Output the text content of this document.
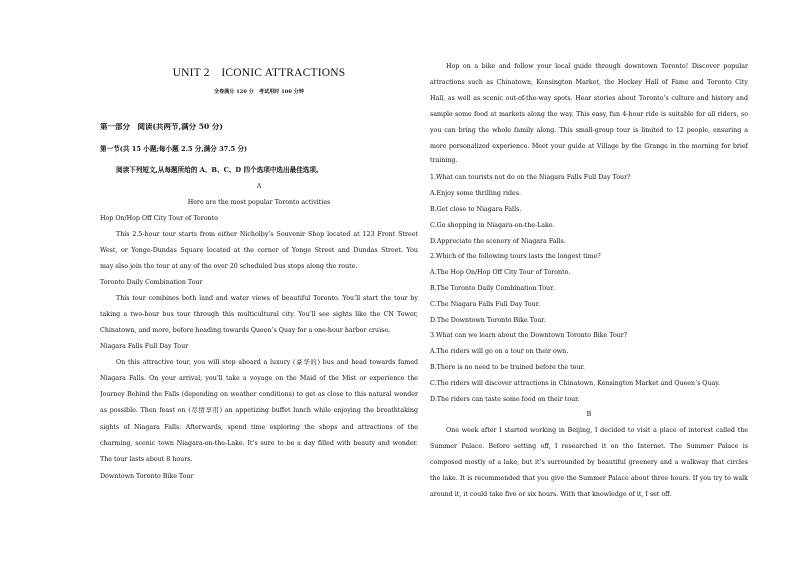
UNIT 2　ICONIC ATTRACTIONS
全卷满分 120 分　考试用时 100 分钟
第一部分　阅读(共两节,满分 50 分)
第一节(共 15 小题;每小题 2.5 分,满分 37.5 分)
阅读下列短文,从每题所给的 A、B、C、D 四个选项中选出最佳选项。
A
Here are the most popular Toronto activities
Hop On/Hop Off City Tour of Toronto
This 2.5-hour tour starts from either Nicholby’s Souvenir Shop located at 123 Front Street
West, or Yonge-Dundas Square located at the corner of Yonge Street and Dundas Street. You
may also join the tour at any of the over 20 scheduled bus stops along the route.
Toronto Daily Combination Tour
This tour combines both land and water views of beautiful Toronto. You’ll start the tour by
taking a two-hour bus tour through this multicultural city. You’ll see sights like the CN Tower,
Chinatown, and more, before heading towards Queen’s Quay for a one-hour harbor cruise.
Niagara Falls Full Day Tour
On this attractive tour, you will step aboard a luxury (豪华的) bus and head towards famed
Niagara Falls. On your arrival, you’ll take a voyage on the Maid of the Mist or experience the
Journey Behind the Falls (depending on weather conditions) to get as close to this natural wonder
as possible. Then feast on (尽情享用) an appetizing buffet lunch while enjoying the breathtaking
sights of Niagara Falls. Afterwards, spend time exploring the shops and attractions of the
charming, scenic town Niagara-on-the-Lake. It’s sure to be a day filled with beauty and wonder.
The tour lasts about 8 hours.
Downtown Toronto Bike Tour
Hop on a bike and follow your local guide through downtown Toronto! Discover popular
attractions such as Chinatown, Kensington Market, the Hockey Hall of Fame and Toronto City
Hall, as well as scenic out-of-the-way spots. Hear stories about Toronto’s culture and history and
sample some food at markets along the way. This easy, fun 4-hour ride is suitable for all riders, so
you can bring the whole family along. This small-group tour is limited to 12 people, ensuring a
more personalized experience. Meet your guide at Village by the Grange in the morning for brief
training.
1.What can tourists not do on the Niagara Falls Full Day Tour?
A.Enjoy some thrilling rides.
B.Get close to Niagara Falls.
C.Go shopping in Niagara-on-the-Lake.
D.Appreciate the scenery of Niagara Falls.
2.Which of the following tours lasts the longest time?
A.The Hop On/Hop Off City Tour of Toronto.
B.The Toronto Daily Combination Tour.
C.The Niagara Falls Full Day Tour.
D.The Downtown Toronto Bike Tour.
3.What can we learn about the Downtown Toronto Bike Tour?
A.The riders will go on a tour on their own.
B.There is no need to be trained before the tour.
C.The riders will discover attractions in Chinatown, Kensington Market and Queen’s Quay.
D.The riders can taste some food on their tour.
B
One week after I started working in Beijing, I decided to visit a place of interest called the
Summer Palace. Before setting off, I researched it on the Internet. The Summer Palace is
composed mostly of a lake, but it’s surrounded by beautiful greenery and a walkway that circles
the lake. It is recommended that you give the Summer Palace about three hours. If you try to walk
around it, it could take five or six hours. With that knowledge of it, I set off.
